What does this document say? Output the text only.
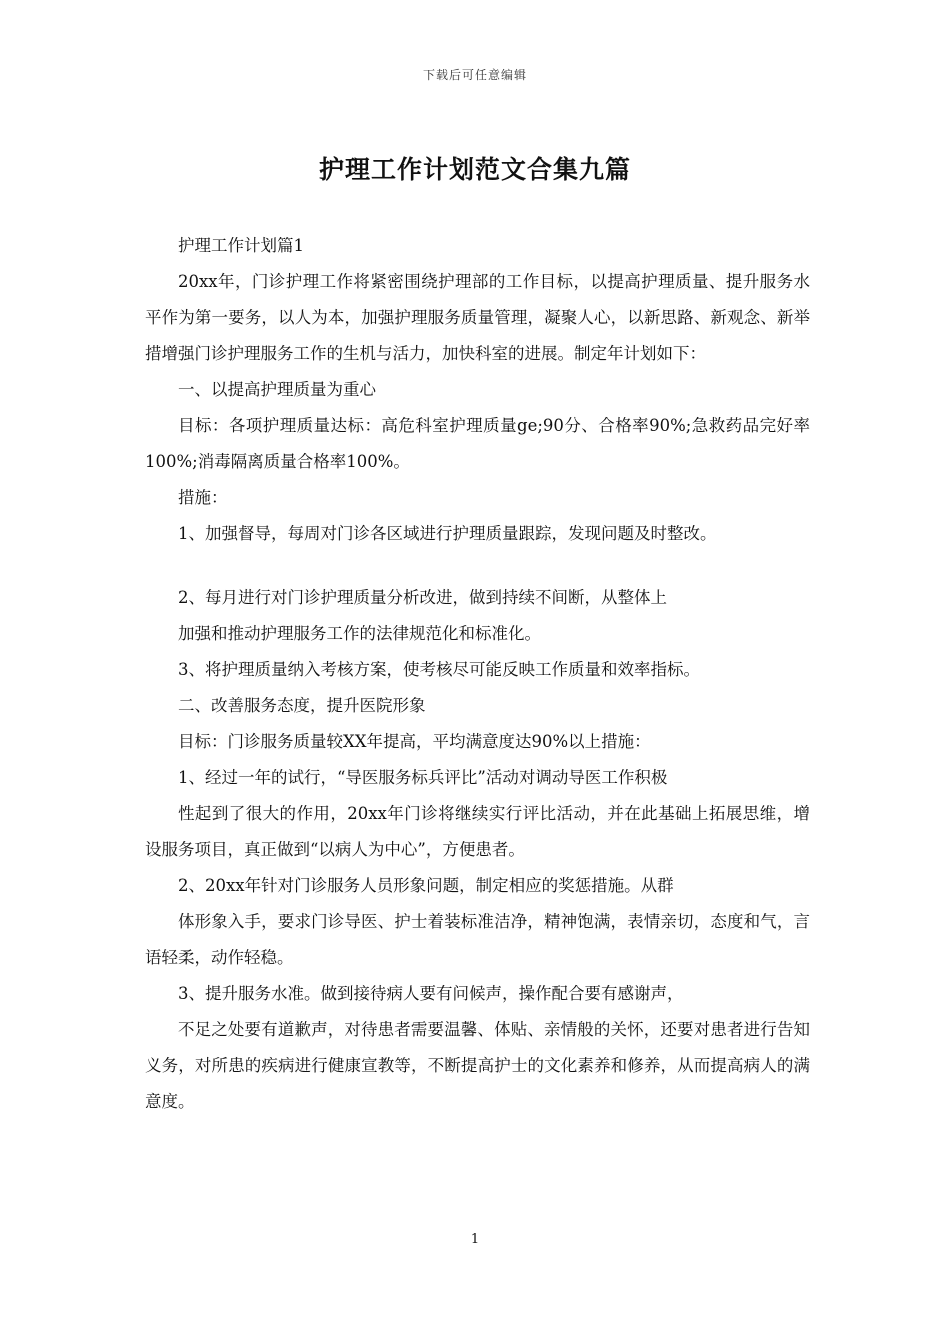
下载后可任意编辑
护理工作计划范文合集九篇

护理工作计划篇1

20xx年，门诊护理工作将紧密围绕护理部的工作目标，以提高护理质量、提升服务水平作为第一要务，以人为本，加强护理服务质量管理，凝聚人心，以新思路、新观念、新举措增强门诊护理服务工作的生机与活力，加快科室的进展。制定年计划如下：

一、以提高护理质量为重心

目标：各项护理质量达标：高危科室护理质量ge;90分、合格率90%;急救药品完好率100%;消毒隔离质量合格率100%。

措施：

1、加强督导，每周对门诊各区域进行护理质量跟踪，发现问题及时整改。

2、每月进行对门诊护理质量分析改进，做到持续不间断，从整体上

加强和推动护理服务工作的法律规范化和标准化。

3、将护理质量纳入考核方案，使考核尽可能反映工作质量和效率指标。

二、改善服务态度，提升医院形象

目标：门诊服务质量较XX年提高，平均满意度达90%以上措施：

1、经过一年的试行，“导医服务标兵评比”活动对调动导医工作积极

性起到了很大的作用，20xx年门诊将继续实行评比活动，并在此基础上拓展思维，增设服务项目，真正做到“以病人为中心”，方便患者。

2、20xx年针对门诊服务人员形象问题，制定相应的奖惩措施。从群

体形象入手，要求门诊导医、护士着装标准洁净，精神饱满，表情亲切，态度和气，言语轻柔，动作轻稳。

3、提升服务水准。做到接待病人要有问候声，操作配合要有感谢声，

不足之处要有道歉声，对待患者需要温馨、体贴、亲情般的关怀，还要对患者进行告知义务，对所患的疾病进行健康宣教等，不断提高护士的文化素养和修养，从而提高病人的满意度。

1
